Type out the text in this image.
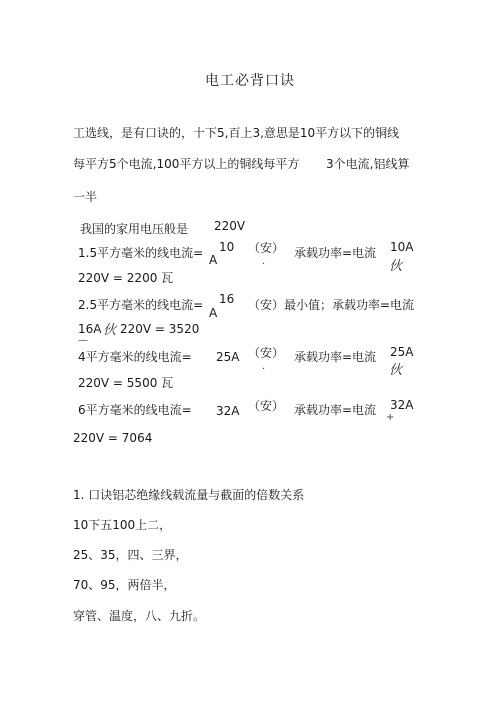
电工必背口诀
工选线，是有口诀的，十下5,百上3,意思是10平方以下的铜线
每平方5个电流,100平方以上的铜线每平方 3个电流,铝线算
一半
我国的家用电压般是 220V
1.5平方毫米的线电流= 10
A
（安）
.
承载功率=电流 10A
伙
220V = 2200 瓦
2.5平方毫米的线电流= 16
A
（安）最小值；承载功率=电流
16A 伙 220V = 3520
—
4平方毫米的线电流= 25A （安）
.
承载功率=电流 25A
伙
220V = 5500 瓦
6平方毫米的线电流= 32A （安） 承载功率=电流 32A
+
220V = 7064
1. 口诀铝芯绝缘线载流量与截面的倍数关系
10下五100上二，
25、35，四、三界，
70、95，两倍半，
穿管、温度，八、九折。
